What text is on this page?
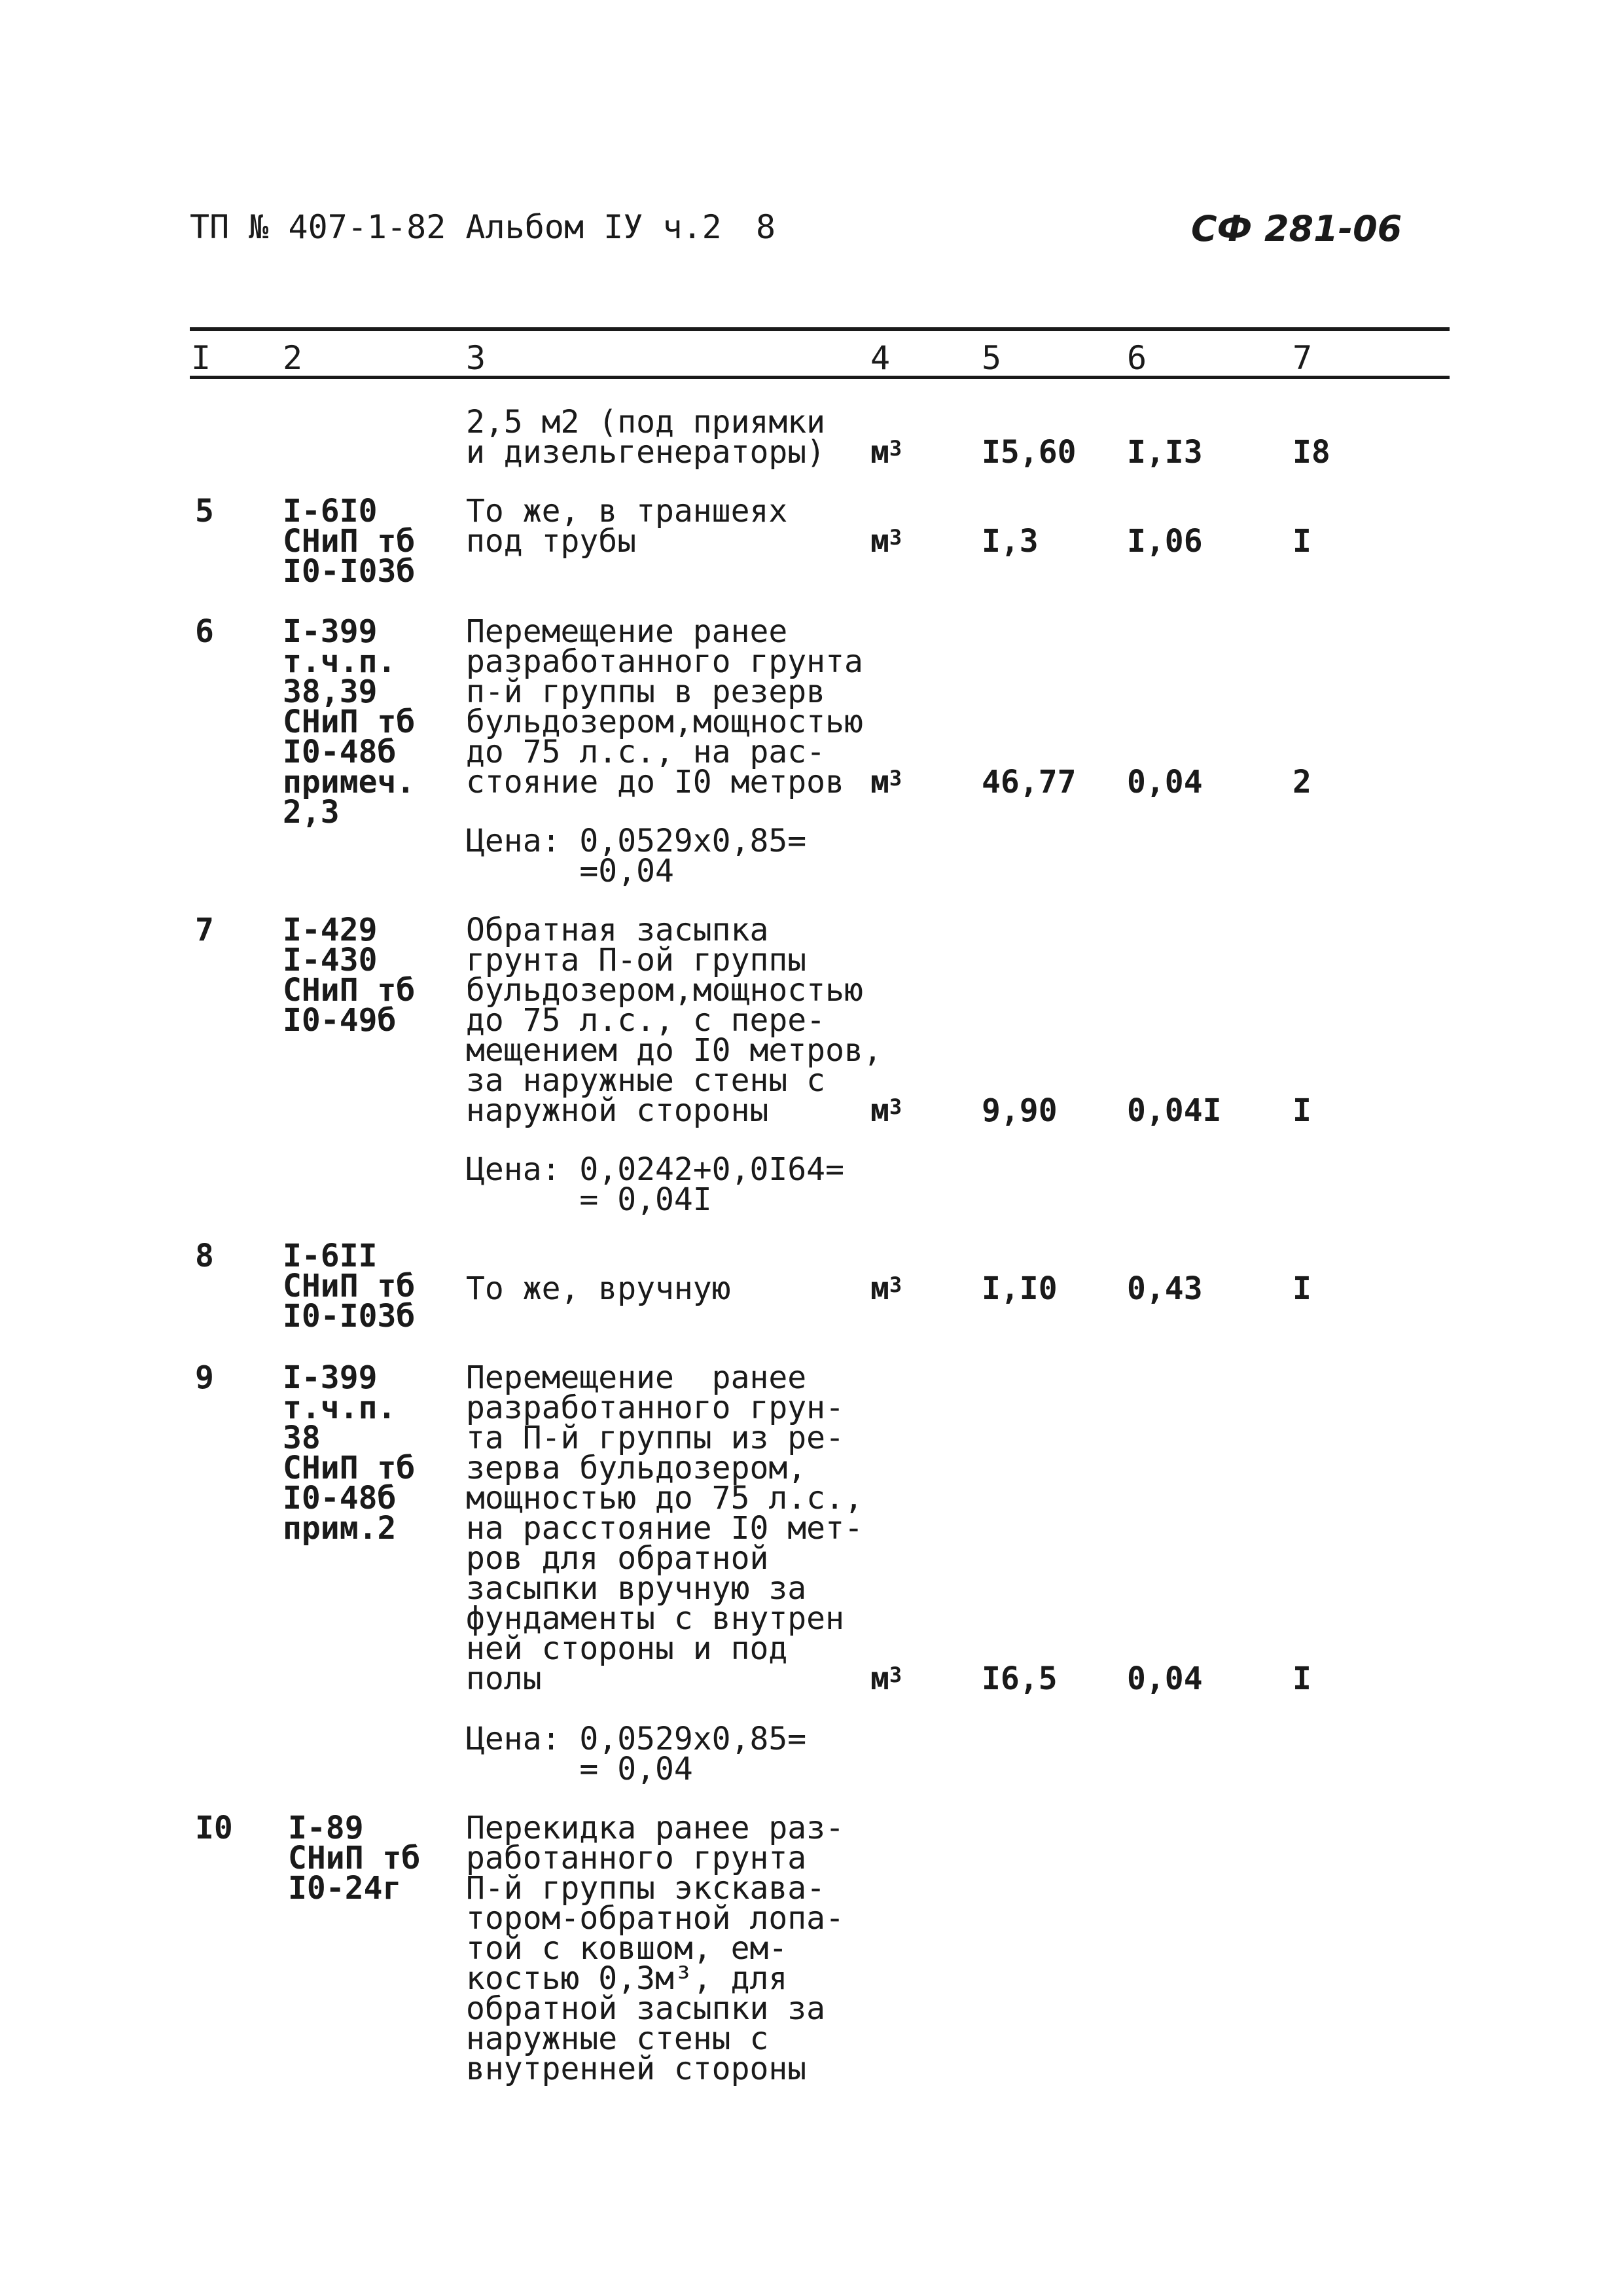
ТП № 407-1-82 Альбом IУ ч.2 8	СФ 281-06
I 2	3	4	5	6	7
2,5 м2 (под приямки
и дизельгенераторы) $м^3$	I5,60 I,I3	I8
5 I-6I0
СНиП тб
I0-I03б
То же, в траншеях
под трубы	$м^3$	I,3	I,06	I
6 I-399
т.ч.п.
38,39
СНиП тб
I0-48б
примеч.
2,3
Перемещение ранее
разработанного грунта
п-й группы в резерв
бульдозером,мощностью
до 75 л.с., на рас-
стояние до I0 метров $м^3$	46,77 0,04	2
Цена: 0,0529х0,85=
=0,04
7 I-429
I-430
СНиП тб
I0-49б
Обратная засыпка
грунта П-ой группы
бульдозером,мощностью
до 75 л.с., с пере-
мещением до I0 метров,
за наружные стены с
наружной стороны	$м^3$	9,90 0,04I I
Цена: 0,0242+0,0I64=
= 0,04I
8 I-6II
СНиП тб
I0-I03б
То же, вручную	$м^3$	I,I0 0,43	I
9 I-399
т.ч.п.
38
СНиП тб
I0-48б
прим.2
Перемещение  ранее
разработанного грун-
та П-й группы из ре-
зерва бульдозером,
мощностью до 75 л.с.,
на расстояние I0 мет-
ров для обратной
засыпки вручную за
фундаменты с внутрен
ней стороны и под
полы	$м^3$	I6,5 0,04	I
Цена: 0,0529х0,85=
= 0,04
I0 I-89
СНиП тб
I0-24г
Перекидка ранее раз-
работанного грунта
П-й группы экскава-
тором-обратной лопа-
той с ковшом, ем-
костью 0,3м³, для
обратной засыпки за
наружные стены с
внутренней стороны
